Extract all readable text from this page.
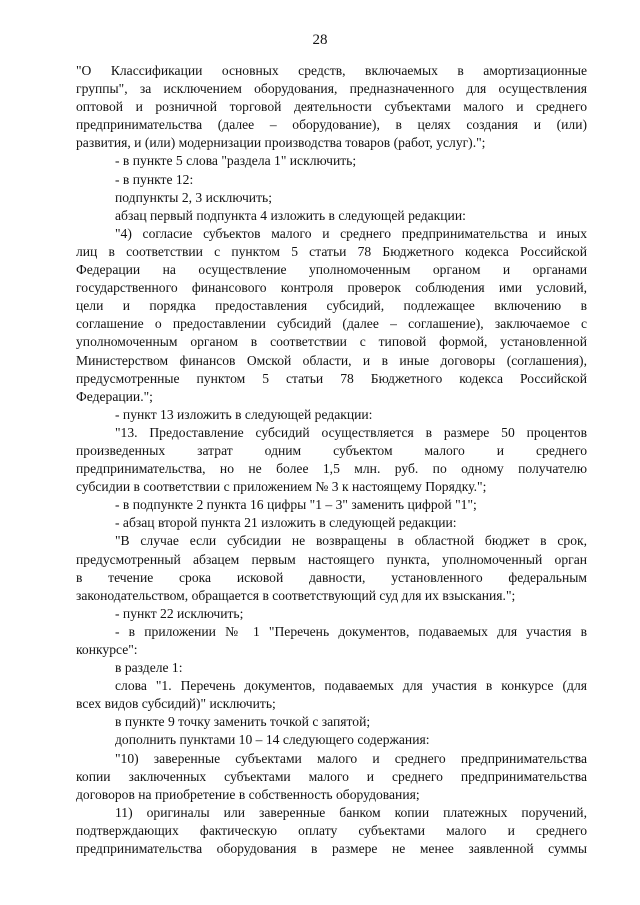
28
"О Классификации основных средств, включаемых в амортизационные
группы", за исключением оборудования, предназначенного для осуществления
оптовой и розничной торговой деятельности субъектами малого и среднего
предпринимательства (далее – оборудование), в целях создания и (или)
развития, и (или) модернизации производства товаров (работ, услуг).";
- в пункте 5 слова "раздела 1" исключить;
- в пункте 12:
подпункты 2, 3 исключить;
абзац первый подпункта 4 изложить в следующей редакции:
"4) согласие субъектов малого и среднего предпринимательства и иных
лиц в соответствии с пунктом 5 статьи 78 Бюджетного кодекса Российской
Федерации на осуществление уполномоченным органом и органами
государственного финансового контроля проверок соблюдения ими условий,
цели и порядка предоставления субсидий, подлежащее включению в
соглашение о предоставлении субсидий (далее – соглашение), заключаемое с
уполномоченным органом в соответствии с типовой формой, установленной
Министерством финансов Омской области, и в иные договоры (соглашения),
предусмотренные пунктом 5 статьи 78 Бюджетного кодекса Российской
Федерации.";
- пункт 13 изложить в следующей редакции:
"13. Предоставление субсидий осуществляется в размере 50 процентов
произведенных затрат одним субъектом малого и среднего
предпринимательства, но не более 1,5 млн. руб. по одному получателю
субсидии в соответствии с приложением № 3 к настоящему Порядку.";
- в подпункте 2 пункта 16 цифры "1 – 3" заменить цифрой "1";
- абзац второй пункта 21 изложить в следующей редакции:
"В случае если субсидии не возвращены в областной бюджет в срок,
предусмотренный абзацем первым настоящего пункта, уполномоченный орган
в течение срока исковой давности, установленного федеральным
законодательством, обращается в соответствующий суд для их взыскания.";
- пункт 22 исключить;
- в приложении № 1 "Перечень документов, подаваемых для участия в
конкурсе":
в разделе 1:
слова "1. Перечень документов, подаваемых для участия в конкурсе (для
всех видов субсидий)" исключить;
в пункте 9 точку заменить точкой с запятой;
дополнить пунктами 10 – 14 следующего содержания:
"10) заверенные субъектами малого и среднего предпринимательства
копии заключенных субъектами малого и среднего предпринимательства
договоров на приобретение в собственность оборудования;
11) оригиналы или заверенные банком копии платежных поручений,
подтверждающих фактическую оплату субъектами малого и среднего
предпринимательства оборудования в размере не менее заявленной суммы
